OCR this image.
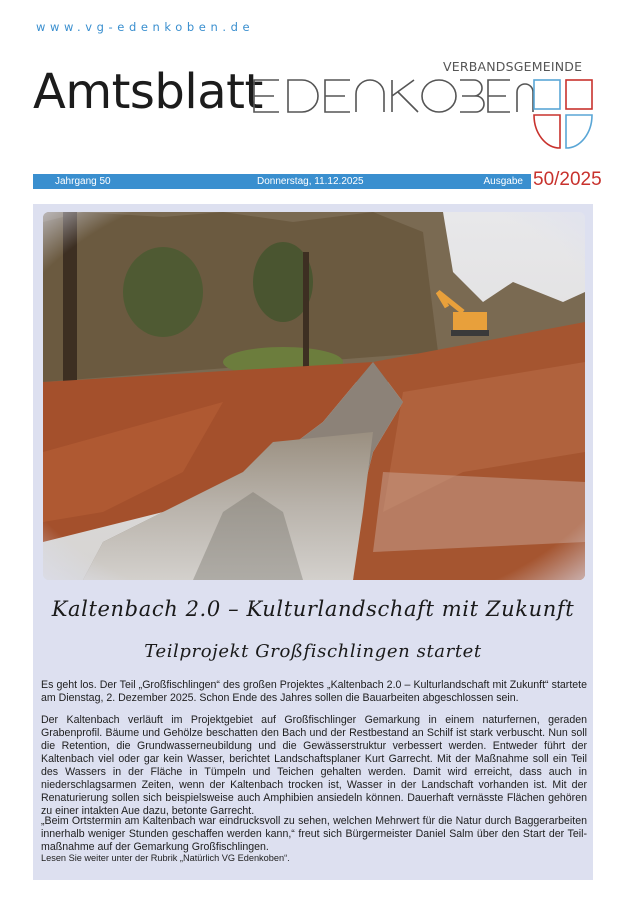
www.vg-edenkoben.de
Amtsblatt	VERBANDSGEMEINDE
Jahrgang 50	Donnerstag, 11.12.2025	Ausgabe 50/2025
Kaltenbach 2.0 – Kulturlandschaft mit Zukunft
Teilprojekt Großfischlingen startet

Es geht los. Der Teil „Großfischlingen“ des großen Projektes „Kaltenbach 2.0 – Kulturlandschaft mit Zukunft“ startete am Dienstag, 2. Dezember 2025. Schon Ende des Jahres sollen die Bauarbeiten abgeschlossen sein.

Der Kaltenbach verläuft im Projektgebiet auf Großfischlinger Gemarkung in einem naturfernen, geraden Grabenprofil. Bäume und Gehölze beschatten den Bach und der Restbestand an Schilf ist stark verbuscht. Nun soll die Retention, die Grundwasserneubildung und die Gewässerstruktur verbessert werden. Entweder führt der Kaltenbach viel oder gar kein Wasser, berichtet Landschaftsplaner Kurt Garrecht. Mit der Maßnahme soll ein Teil des Wassers in der Fläche in Tümpeln und Teichen gehalten werden. Damit wird erreicht, dass auch in niederschlagsarmen Zeiten, wenn der Kaltenbach trocken ist, Wasser in der Landschaft vorhanden ist. Mit der Renaturierung sollen sich beispielsweise auch Amphibien ansiedeln können. Dauerhaft vernässte Flächen gehören zu einer intakten Aue dazu, betonte Garrecht.

„Beim Ortstermin am Kaltenbach war eindrucksvoll zu sehen, welchen Mehrwert für die Natur durch Baggerarbeiten innerhalb weniger Stunden geschaffen werden kann,“ freut sich Bürgermeister Daniel Salm über den Start der Teilmaßnahme auf der Gemarkung Großfischlingen.

Lesen Sie weiter unter der Rubrik „Natürlich VG Edenkoben“.
